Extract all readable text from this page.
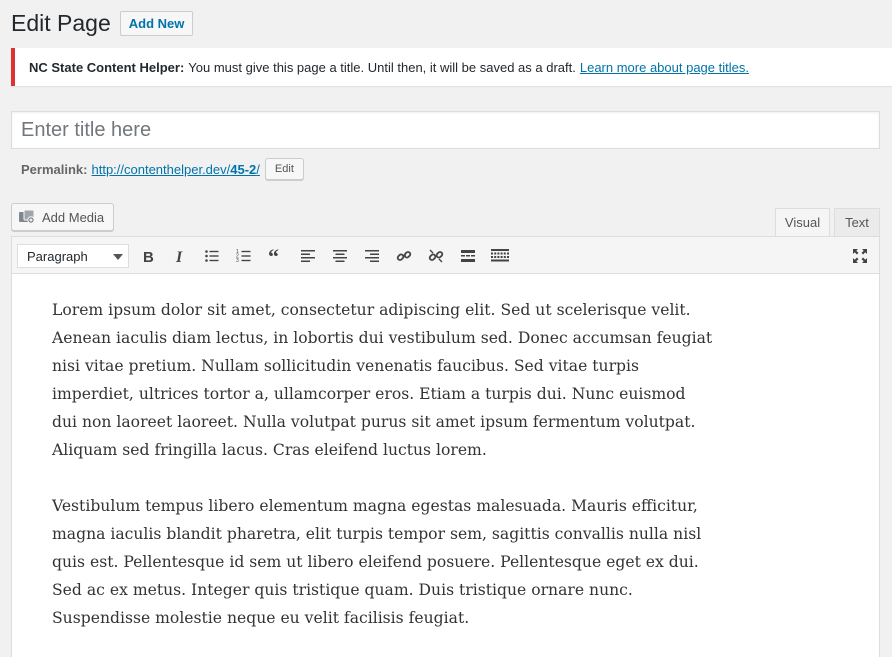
Edit Page	Add New
NC State Content Helper: You must give this page a title. Until then, it will be saved as a draft. Learn more about page titles.
Enter title here
Permalink: http://contenthelper.dev/45-2/	Edit
Add Media	Visual	Text
Paragraph	B I	1
2
3 “

Lorem ipsum dolor sit amet, consectetur adipiscing elit. Sed ut scelerisque velit. Aenean iaculis diam lectus, in lobortis dui vestibulum sed. Donec accumsan feugiat nisi vitae pretium. Nullam sollicitudin venenatis faucibus. Sed vitae turpis imperdiet, ultrices tortor a, ullamcorper eros. Etiam a turpis dui. Nunc euismod dui non laoreet laoreet. Nulla volutpat purus sit amet ipsum fermentum volutpat. Aliquam sed fringilla lacus. Cras eleifend luctus lorem.

Vestibulum tempus libero elementum magna egestas malesuada. Mauris efficitur, magna iaculis blandit pharetra, elit turpis tempor sem, sagittis convallis nulla nisl quis est. Pellentesque id sem ut libero eleifend posuere. Pellentesque eget ex dui. Sed ac ex metus. Integer quis tristique quam. Duis tristique ornare nunc. Suspendisse molestie neque eu velit facilisis feugiat.
